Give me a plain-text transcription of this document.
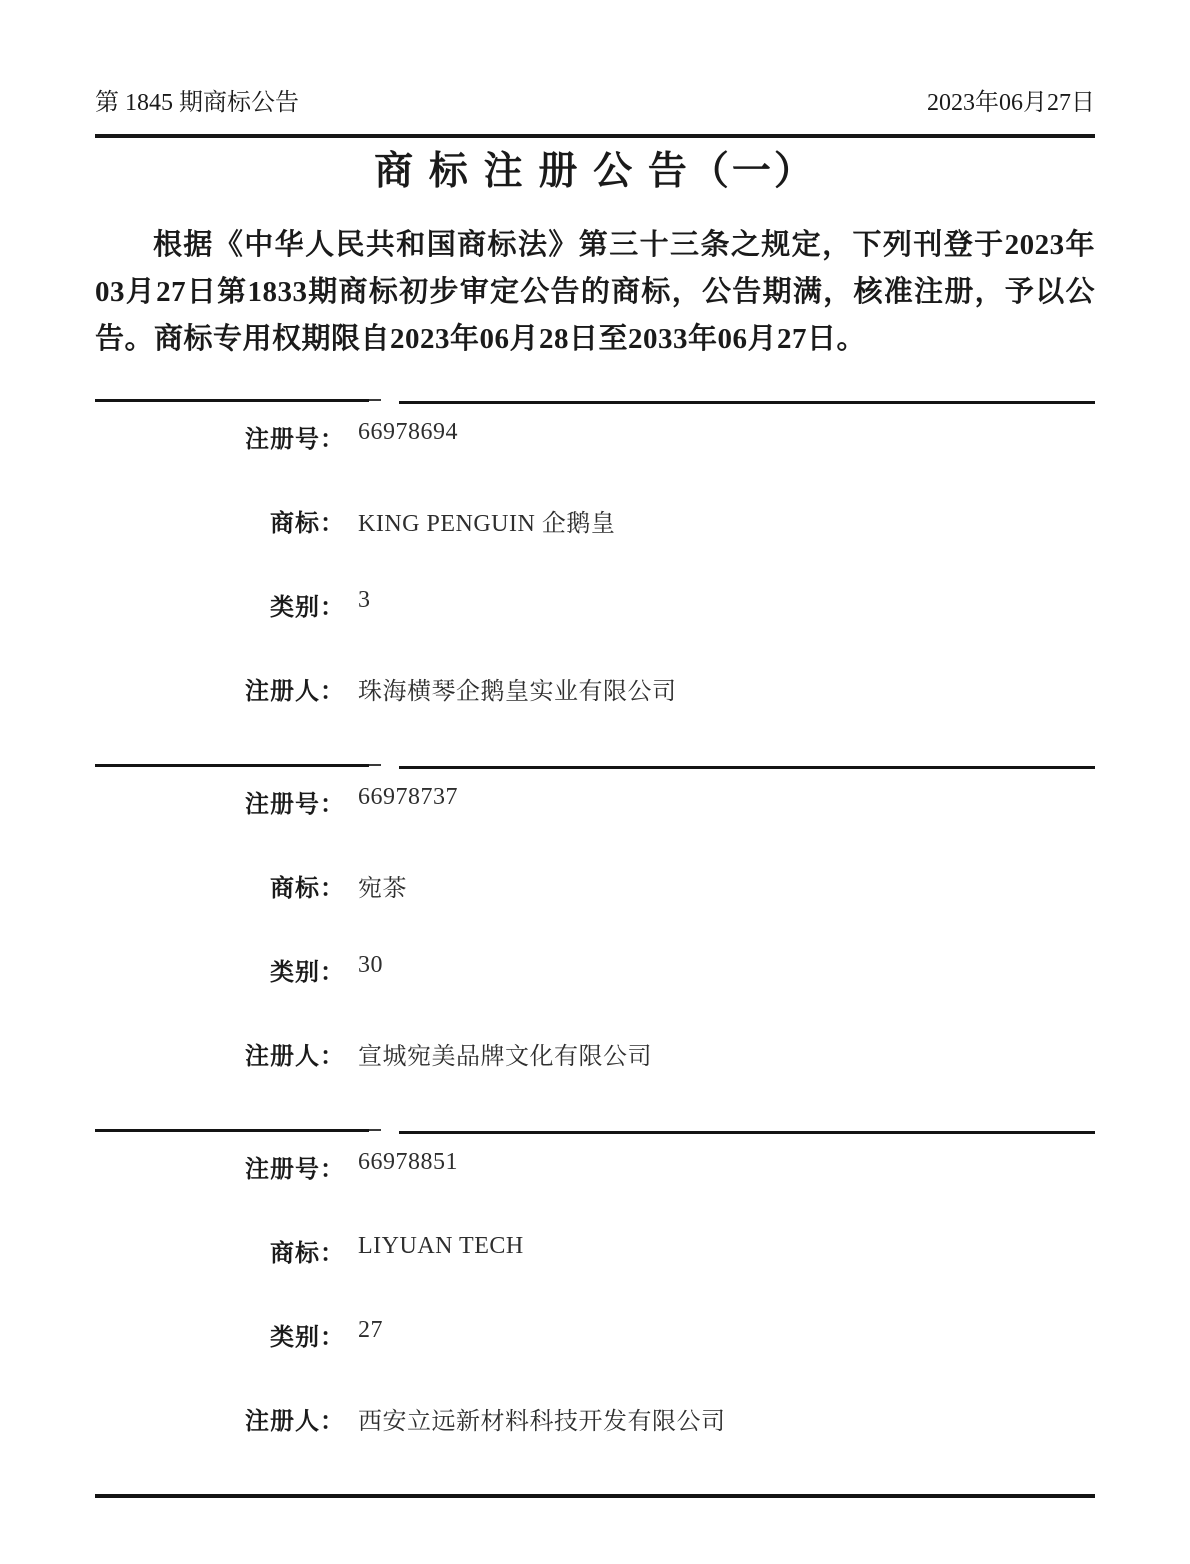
第 1845 期商标公告	2023年06月27日
商 标 注 册 公 告（一）

根据《中华人民共和国商标法》第三十三条之规定，下列刊登于2023年03月27日第1833期商标初步审定公告的商标，公告期满，核准注册，予以公告。商标专用权期限自2023年06月28日至2033年06月27日。

注册号： 66978694
商标： KING PENGUIN 企鹅皇
类别： 3
注册人： 珠海横琴企鹅皇实业有限公司
注册号： 66978737
商标： 宛茶
类别： 30
注册人： 宣城宛美品牌文化有限公司
注册号： 66978851
商标： LIYUAN TECH
类别： 27
注册人： 西安立远新材料科技开发有限公司
